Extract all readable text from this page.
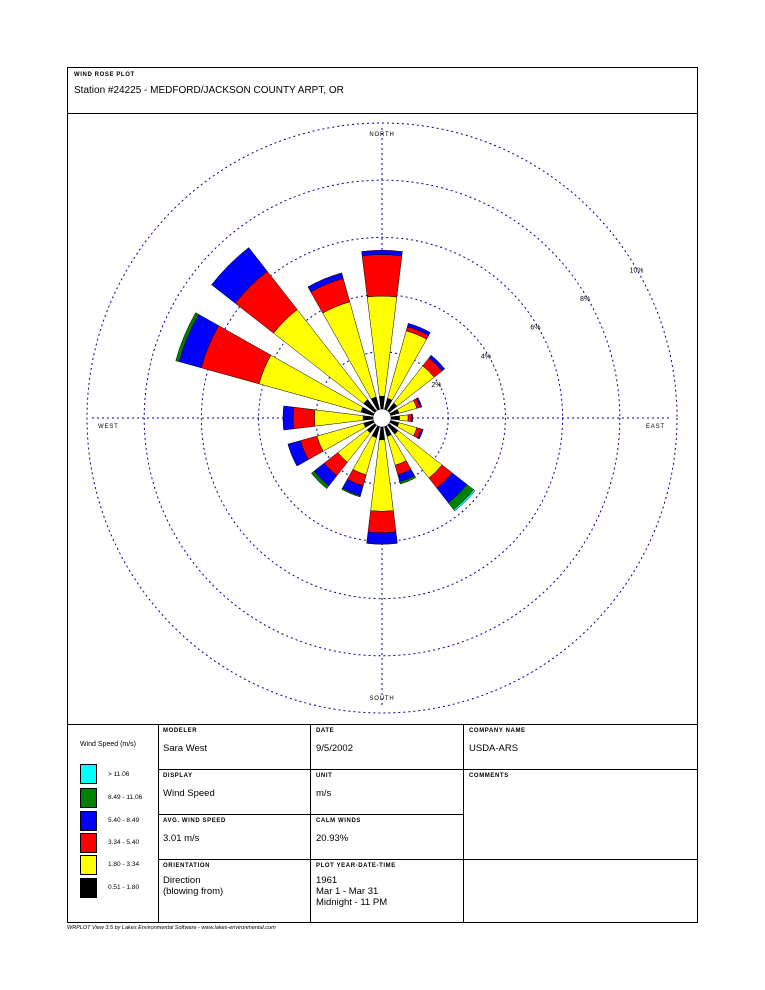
WIND ROSE PLOT
Station #24225 - MEDFORD/JACKSON COUNTY ARPT, OR
2%
4%
6%
8%
10%
NORTH
SOUTH
EAST
WEST
MODELER
Sara West
DATE
9/5/2002
COMPANY NAME
USDA-ARS
DISPLAY
Wind Speed
UNIT
m/s
COMMENTS
AVG. WIND SPEED
3.01 m/s
CALM WINDS
20.93%
ORIENTATION
Direction
(blowing from)
PLOT YEAR-DATE-TIME
1961
Mar 1 - Mar 31
Midnight - 11 PM
Wind Speed (m/s)
> 11.06
8.49 - 11.06
5.40 - 8.49
3.34 - 5.40
1.80 - 3.34
0.51 - 1.80
WRPLOT View 3.5 by Lakes Environmental Software - www.lakes-environmental.com
